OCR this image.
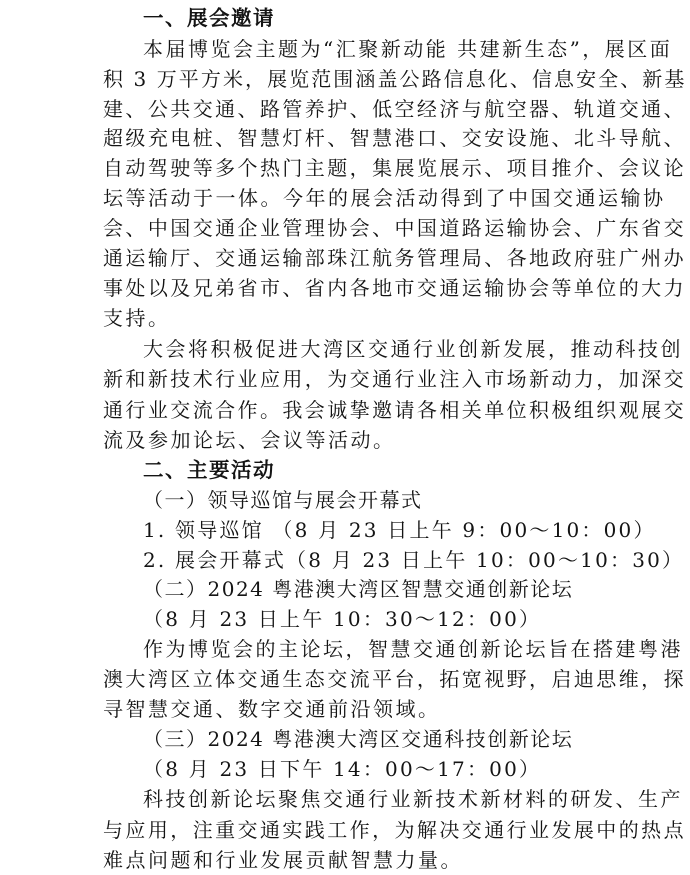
一、展会邀请
本届博览会主题为“汇聚新动能 共建新生态”，展区面
积 3 万平方米，展览范围涵盖公路信息化、信息安全、新基
建、公共交通、路管养护、低空经济与航空器、轨道交通、
超级充电桩、智慧灯杆、智慧港口、交安设施、北斗导航、
自动驾驶等多个热门主题，集展览展示、项目推介、会议论
坛等活动于一体。今年的展会活动得到了中国交通运输协
会、中国交通企业管理协会、中国道路运输协会、广东省交
通运输厅、交通运输部珠江航务管理局、各地政府驻广州办
事处以及兄弟省市、省内各地市交通运输协会等单位的大力
支持。
大会将积极促进大湾区交通行业创新发展，推动科技创
新和新技术行业应用，为交通行业注入市场新动力，加深交
通行业交流合作。我会诚挚邀请各相关单位积极组织观展交
流及参加论坛、会议等活动。
二、主要活动
（一）领导巡馆与展会开幕式
1. 领导巡馆 （8 月 23 日上午 9：00～10：00）
2. 展会开幕式（8 月 23 日上午 10：00～10：30）
（二）2024 粤港澳大湾区智慧交通创新论坛
（8 月 23 日上午 10：30～12：00）
作为博览会的主论坛，智慧交通创新论坛旨在搭建粤港
澳大湾区立体交通生态交流平台，拓宽视野，启迪思维，探
寻智慧交通、数字交通前沿领域。
（三）2024 粤港澳大湾区交通科技创新论坛
（8 月 23 日下午 14：00～17：00）
科技创新论坛聚焦交通行业新技术新材料的研发、生产
与应用，注重交通实践工作，为解决交通行业发展中的热点
难点问题和行业发展贡献智慧力量。
